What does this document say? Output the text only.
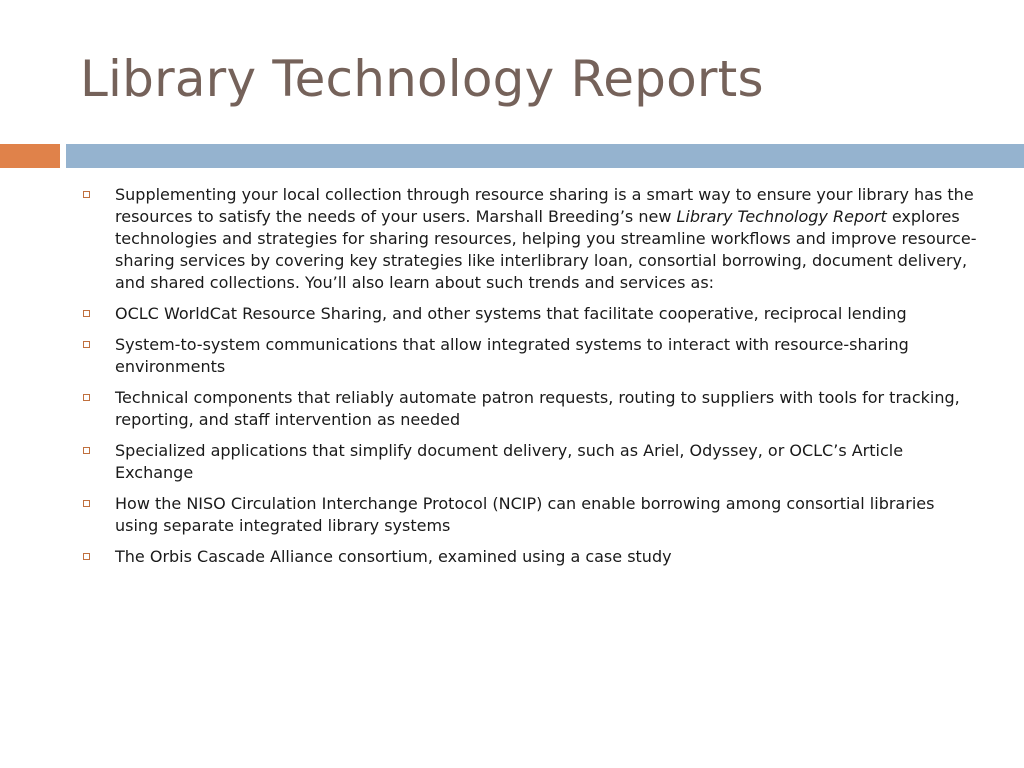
Library Technology Reports
Supplementing your local collection through resource sharing is a smart way to ensure your library has the resources to satisfy the needs of your users. Marshall Breeding’s new Library Technology Report explores technologies and strategies for sharing resources, helping you streamline workflows and improve resource-sharing services by covering key strategies like interlibrary loan, consortial borrowing, document delivery, and shared collections. You’ll also learn about such trends and services as:
OCLC WorldCat Resource Sharing, and other systems that facilitate cooperative, reciprocal lending
System-to-system communications that allow integrated systems to interact with resource-sharing environments
Technical components that reliably automate patron requests, routing to suppliers with tools for tracking, reporting, and staff intervention as needed
Specialized applications that simplify document delivery, such as Ariel, Odyssey, or OCLC’s Article Exchange
How the NISO Circulation Interchange Protocol (NCIP) can enable borrowing among consortial libraries using separate integrated library systems
The Orbis Cascade Alliance consortium, examined using a case study
